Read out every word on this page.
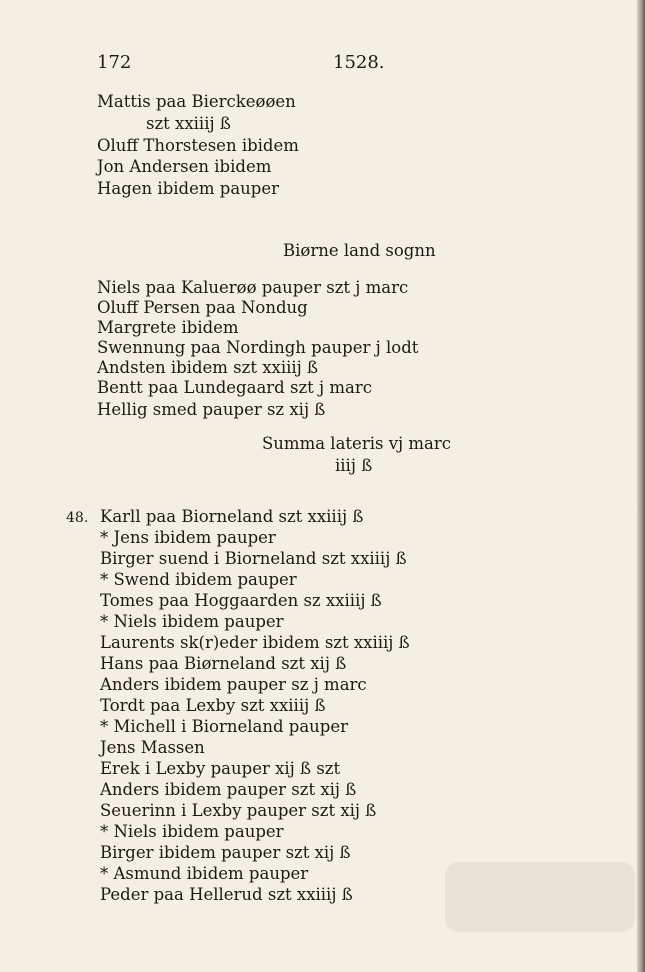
172	1528.
Mattis paa Bierckeøøen
szt xxiiij ß
Oluff Thorstesen ibidem
Jon Andersen ibidem
Hagen ibidem pauper
Biørne land sognn
Niels paa Kaluerøø pauper szt j marc
Oluff Persen paa Nondug
Margrete ibidem
Swennung paa Nordingh pauper j lodt
Andsten ibidem szt xxiiij ß
Bentt paa Lundegaard szt j marc
Hellig smed pauper sz xij ß
Summa lateris vj marc
iiij ß
48. Karll paa Biorneland szt xxiiij ß
* Jens ibidem pauper
Birger suend i Biorneland szt xxiiij ß
* Swend ibidem pauper
Tomes paa Hoggaarden sz xxiiij ß
* Niels ibidem pauper
Laurents sk(r)eder ibidem szt xxiiij ß
Hans paa Biørneland szt xij ß
Anders ibidem pauper sz j marc
Tordt paa Lexby szt xxiiij ß
* Michell i Biorneland pauper
Jens Massen
Erek i Lexby pauper xij ß szt
Anders ibidem pauper szt xij ß
Seuerinn i Lexby pauper szt xij ß
* Niels ibidem pauper
Birger ibidem pauper szt xij ß
* Asmund ibidem pauper
Peder paa Hellerud szt xxiiij ß
